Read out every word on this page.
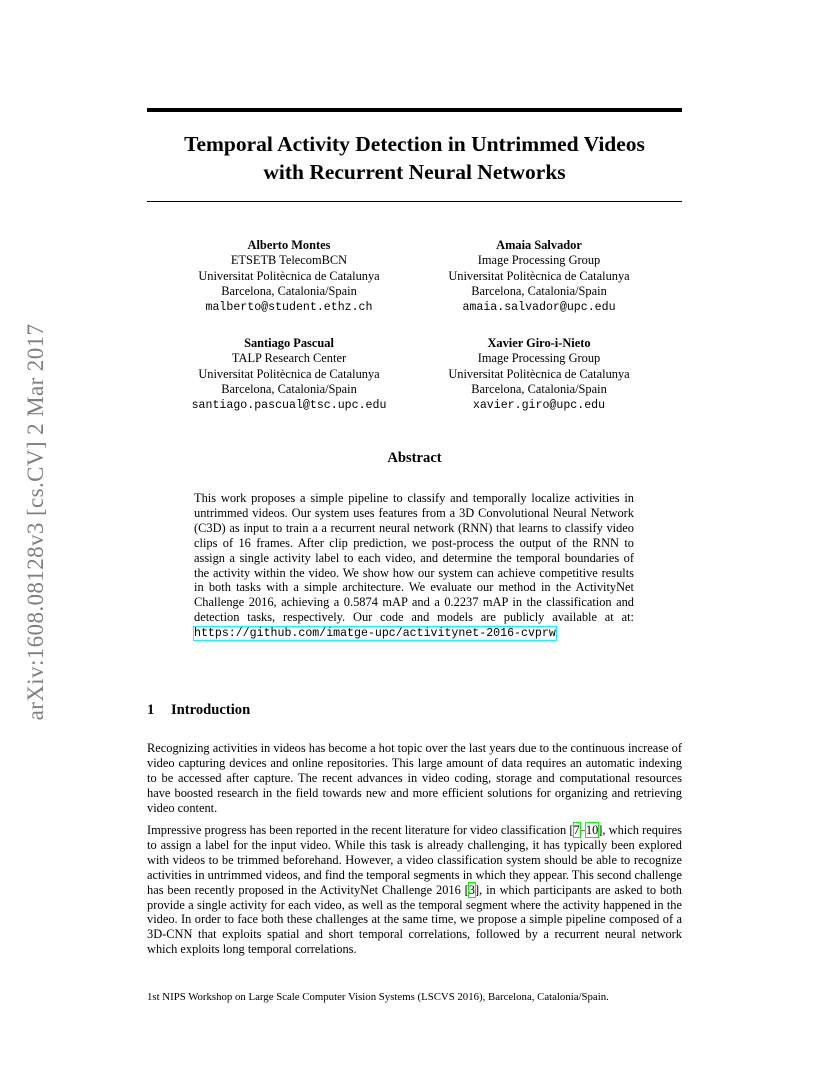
arXiv:1608.08128v3 [cs.CV] 2 Mar 2017
Temporal Activity Detection in Untrimmed Videos
with Recurrent Neural Networks
Alberto Montes
ETSETB TelecomBCN
Universitat Politècnica de Catalunya
Barcelona, Catalonia/Spain
malberto@student.ethz.ch
Amaia Salvador
Image Processing Group
Universitat Politècnica de Catalunya
Barcelona, Catalonia/Spain
amaia.salvador@upc.edu
Santiago Pascual
TALP Research Center
Universitat Politècnica de Catalunya
Barcelona, Catalonia/Spain
santiago.pascual@tsc.upc.edu
Xavier Giro-i-Nieto
Image Processing Group
Universitat Politècnica de Catalunya
Barcelona, Catalonia/Spain
xavier.giro@upc.edu
Abstract
This work proposes a simple pipeline to classify and temporally localize activities in untrimmed videos. Our system uses features from a 3D Convolutional Neural Network (C3D) as input to train a a recurrent neural network (RNN) that learns to classify video clips of 16 frames. After clip prediction, we post-process the output of the RNN to assign a single activity label to each video, and determine the temporal boundaries of the activity within the video. We show how our system can achieve competitive results in both tasks with a simple architecture. We evaluate our method in the ActivityNet Challenge 2016, achieving a 0.5874 mAP and a 0.2237 mAP in the classification and detection tasks, respectively. Our code and models are publicly available at at: https://github.com/imatge-upc/activitynet-2016-cvprw
1 Introduction
Recognizing activities in videos has become a hot topic over the last years due to the continuous increase of video capturing devices and online repositories. This large amount of data requires an automatic indexing to be accessed after capture. The recent advances in video coding, storage and computational resources have boosted research in the field towards new and more efficient solutions for organizing and retrieving video content.
Impressive progress has been reported in the recent literature for video classification [7–10], which requires to assign a label for the input video. While this task is already challenging, it has typically been explored with videos to be trimmed beforehand. However, a video classification system should be able to recognize activities in untrimmed videos, and find the temporal segments in which they appear. This second challenge has been recently proposed in the ActivityNet Challenge 2016 [3], in which participants are asked to both provide a single activity for each video, as well as the temporal segment where the activity happened in the video. In order to face both these challenges at the same time, we propose a simple pipeline composed of a 3D-CNN that exploits spatial and short temporal correlations, followed by a recurrent neural network which exploits long temporal correlations.
1st NIPS Workshop on Large Scale Computer Vision Systems (LSCVS 2016), Barcelona, Catalonia/Spain.
